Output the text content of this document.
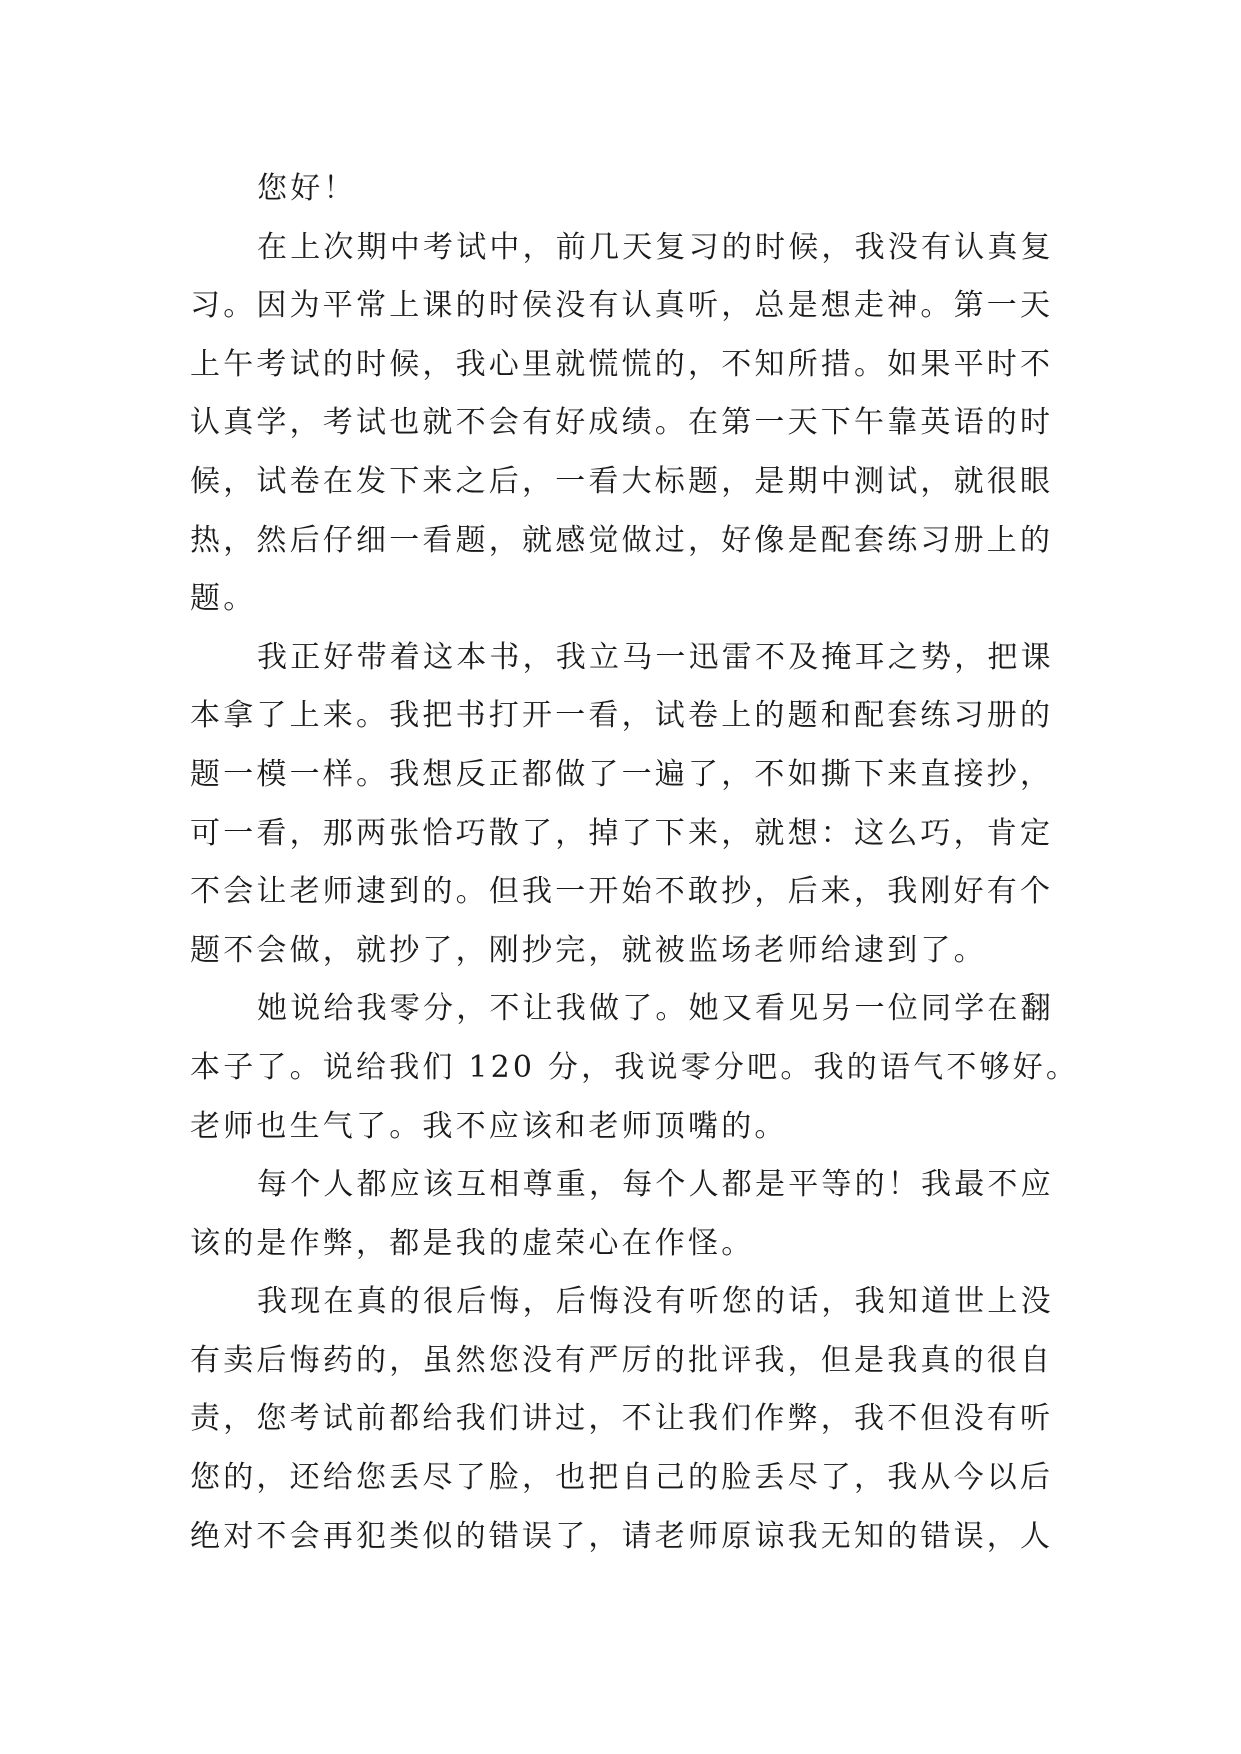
您好！
在上次期中考试中，前几天复习的时候，我没有认真复
习。因为平常上课的时侯没有认真听，总是想走神。第一天
上午考试的时候，我心里就慌慌的，不知所措。如果平时不
认真学，考试也就不会有好成绩。在第一天下午靠英语的时
候，试卷在发下来之后，一看大标题，是期中测试，就很眼
热，然后仔细一看题，就感觉做过，好像是配套练习册上的
题。
我正好带着这本书，我立马一迅雷不及掩耳之势，把课
本拿了上来。我把书打开一看，试卷上的题和配套练习册的
题一模一样。我想反正都做了一遍了，不如撕下来直接抄，
可一看，那两张恰巧散了，掉了下来，就想：这么巧，肯定
不会让老师逮到的。但我一开始不敢抄，后来，我刚好有个
题不会做，就抄了，刚抄完，就被监场老师给逮到了。
她说给我零分，不让我做了。她又看见另一位同学在翻
本子了。说给我们 120 分，我说零分吧。我的语气不够好。
老师也生气了。我不应该和老师顶嘴的。
每个人都应该互相尊重，每个人都是平等的！我最不应
该的是作弊，都是我的虚荣心在作怪。
我现在真的很后悔，后悔没有听您的话，我知道世上没
有卖后悔药的，虽然您没有严厉的批评我，但是我真的很自
责，您考试前都给我们讲过，不让我们作弊，我不但没有听
您的，还给您丢尽了脸，也把自己的脸丢尽了，我从今以后
绝对不会再犯类似的错误了，请老师原谅我无知的错误，人
